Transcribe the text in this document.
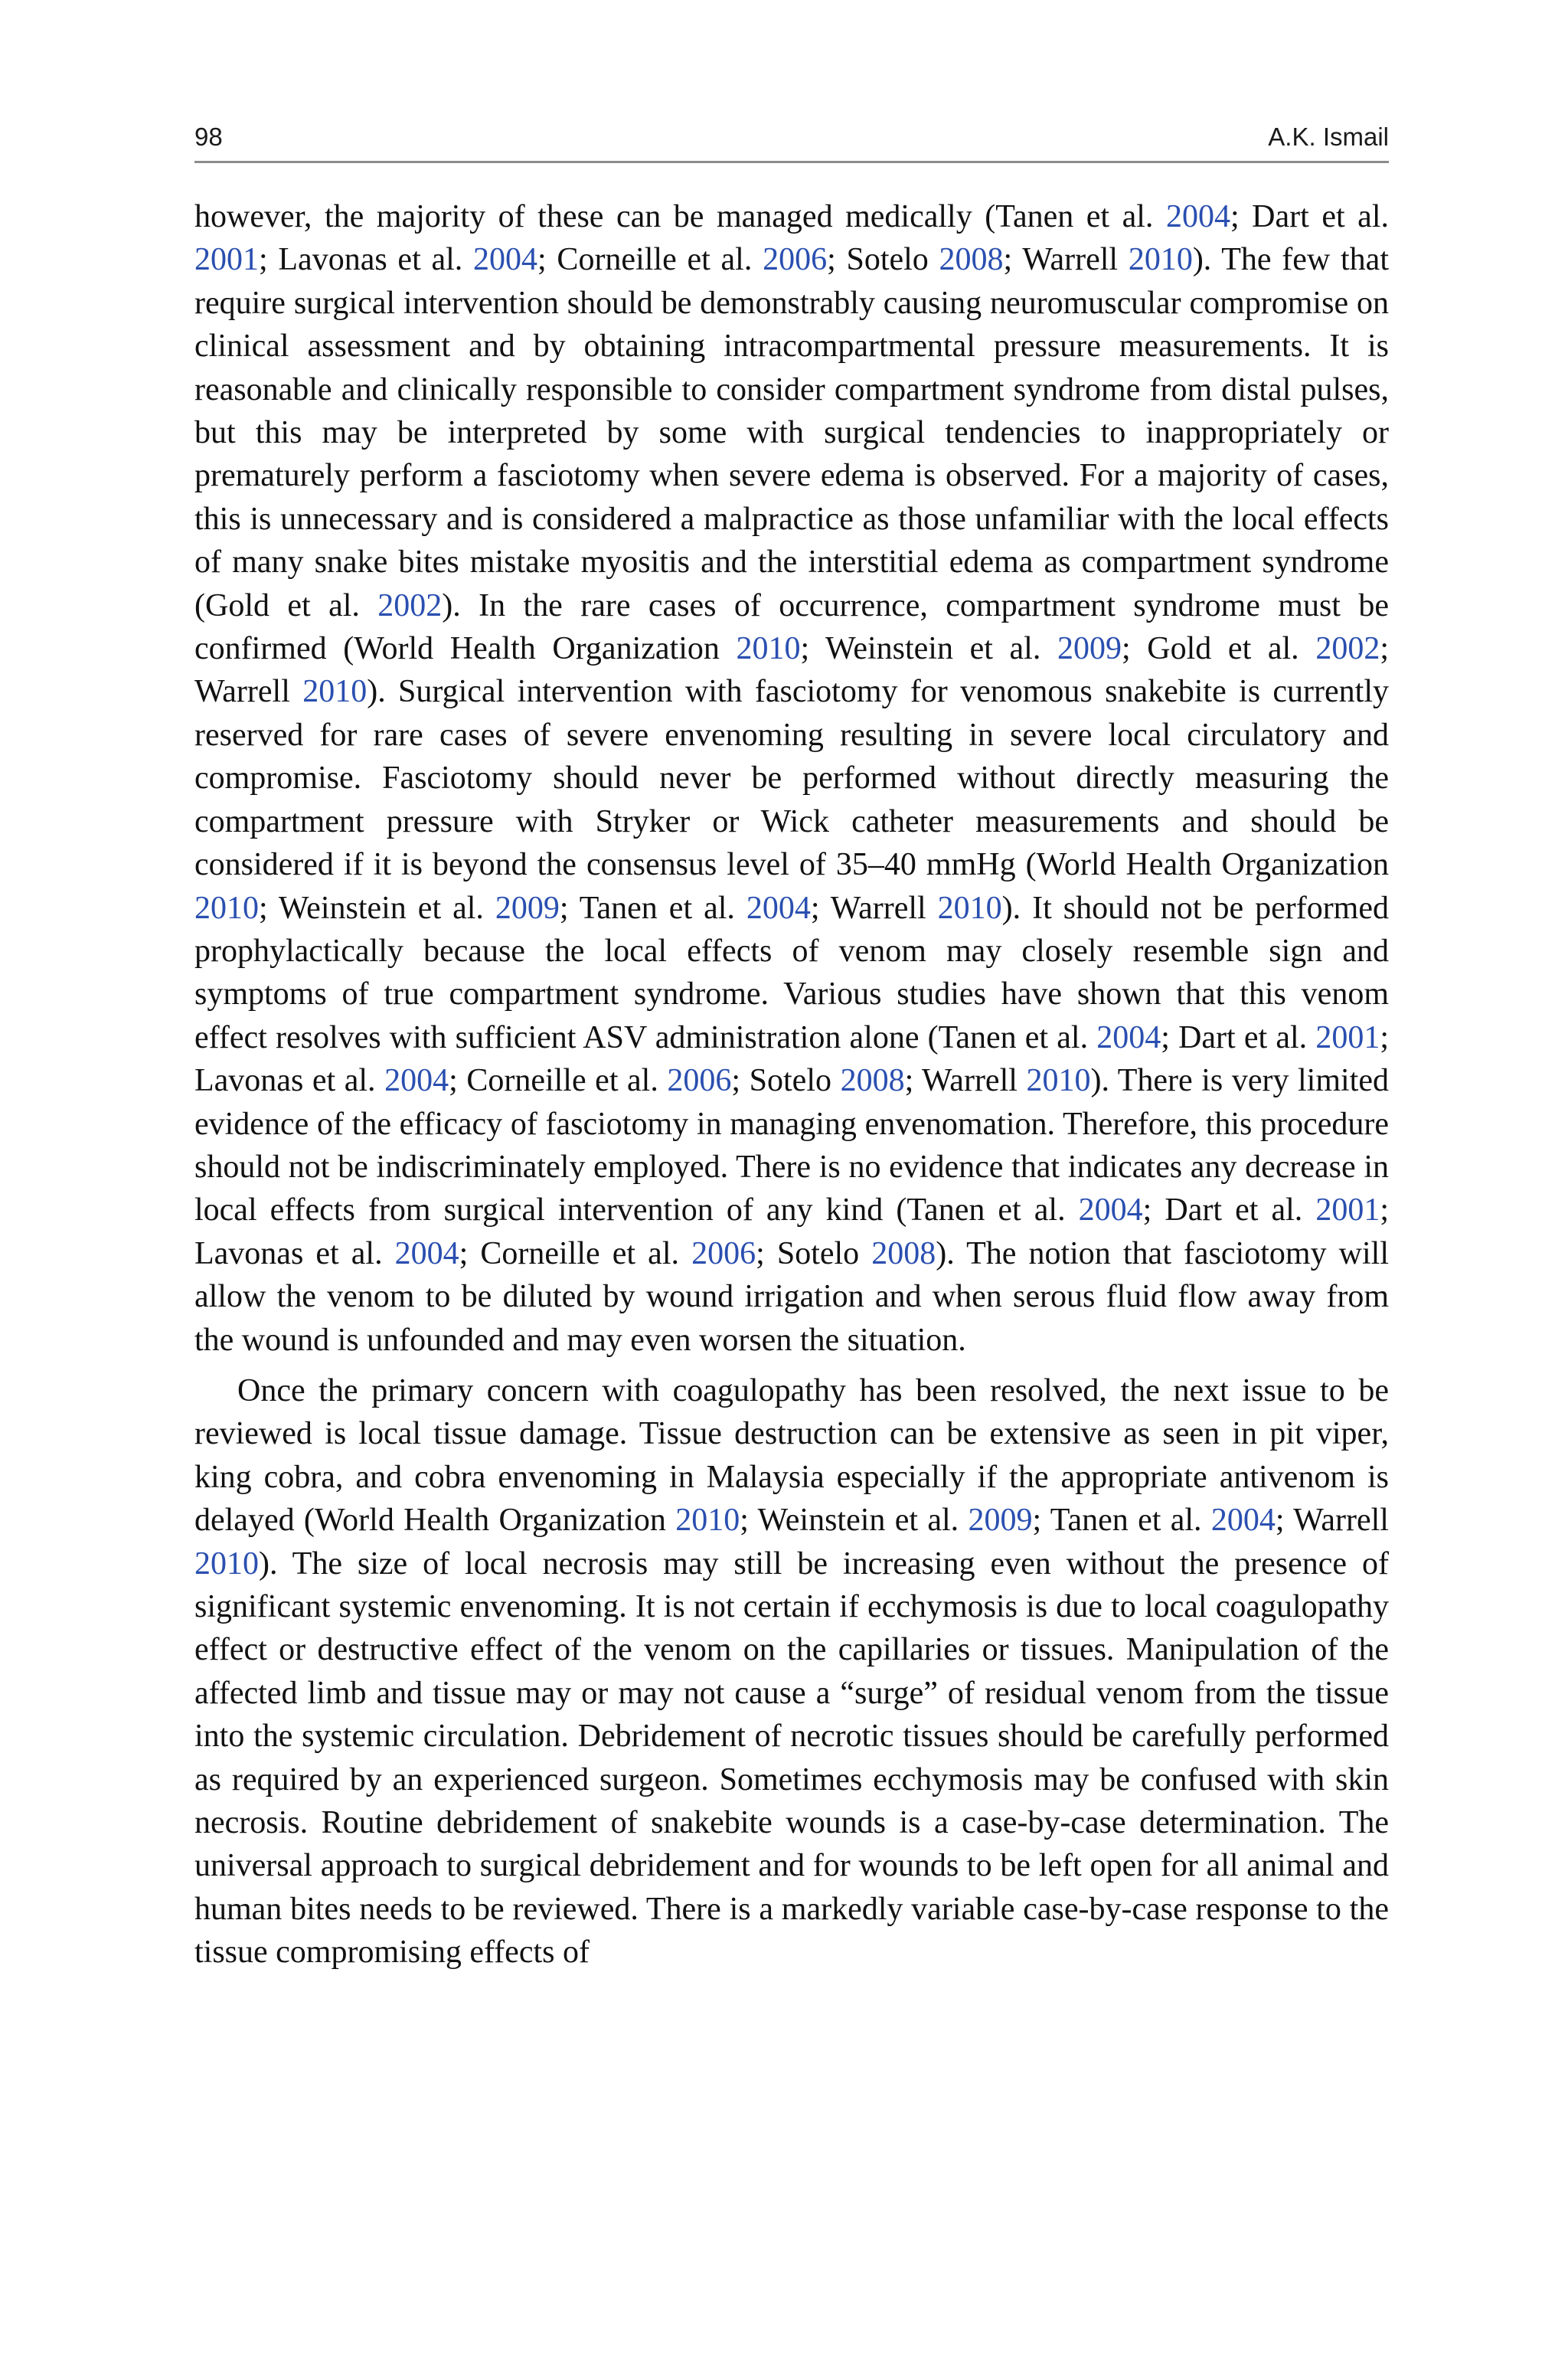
98	A.K. Ismail

however, the majority of these can be managed medically (Tanen et al. 2004; Dart et al. 2001; Lavonas et al. 2004; Corneille et al. 2006; Sotelo 2008; Warrell 2010). The few that require surgical intervention should be demonstrably causing neuromuscular compromise on clinical assessment and by obtaining intracompartmental pressure measurements. It is reasonable and clinically responsible to consider compartment syndrome from distal pulses, but this may be interpreted by some with surgical tendencies to inappropriately or prematurely perform a fasciotomy when severe edema is observed. For a majority of cases, this is unnecessary and is considered a malpractice as those unfamiliar with the local effects of many snake bites mistake myositis and the interstitial edema as compartment syndrome (Gold et al. 2002). In the rare cases of occurrence, compartment syndrome must be confirmed (World Health Organization 2010; Weinstein et al. 2009; Gold et al. 2002; Warrell 2010). Surgical intervention with fasciotomy for venomous snakebite is currently reserved for rare cases of severe envenoming resulting in severe local circulatory and compromise. Fasciotomy should never be performed without directly measuring the compartment pressure with Stryker or Wick catheter measurements and should be considered if it is beyond the consensus level of 35–40 mmHg (World Health Organization 2010; Weinstein et al. 2009; Tanen et al. 2004; Warrell 2010). It should not be performed prophylactically because the local effects of venom may closely resemble sign and symptoms of true compartment syndrome. Various studies have shown that this venom effect resolves with sufficient ASV administration alone (Tanen et al. 2004; Dart et al. 2001; Lavonas et al. 2004; Corneille et al. 2006; Sotelo 2008; Warrell 2010). There is very limited evidence of the efficacy of fasciotomy in managing envenomation. Therefore, this procedure should not be indiscriminately employed. There is no evidence that indicates any decrease in local effects from surgical intervention of any kind (Tanen et al. 2004; Dart et al. 2001; Lavonas et al. 2004; Corneille et al. 2006; Sotelo 2008). The notion that fasciotomy will allow the venom to be diluted by wound irrigation and when serous fluid flow away from the wound is unfounded and may even worsen the situation.

Once the primary concern with coagulopathy has been resolved, the next issue to be reviewed is local tissue damage. Tissue destruction can be extensive as seen in pit viper, king cobra, and cobra envenoming in Malaysia especially if the appropriate antivenom is delayed (World Health Organization 2010; Weinstein et al. 2009; Tanen et al. 2004; Warrell 2010). The size of local necrosis may still be increasing even without the presence of significant systemic envenoming. It is not certain if ecchymosis is due to local coagulopathy effect or destructive effect of the venom on the capillaries or tissues. Manipulation of the affected limb and tissue may or may not cause a “surge” of residual venom from the tissue into the systemic circulation. Debridement of necrotic tissues should be carefully performed as required by an experienced surgeon. Sometimes ecchymosis may be confused with skin necrosis. Routine debridement of snakebite wounds is a case-by-case determination. The universal approach to surgical debridement and for wounds to be left open for all animal and human bites needs to be reviewed. There is a markedly variable case-by-case response to the tissue compromising effects of
